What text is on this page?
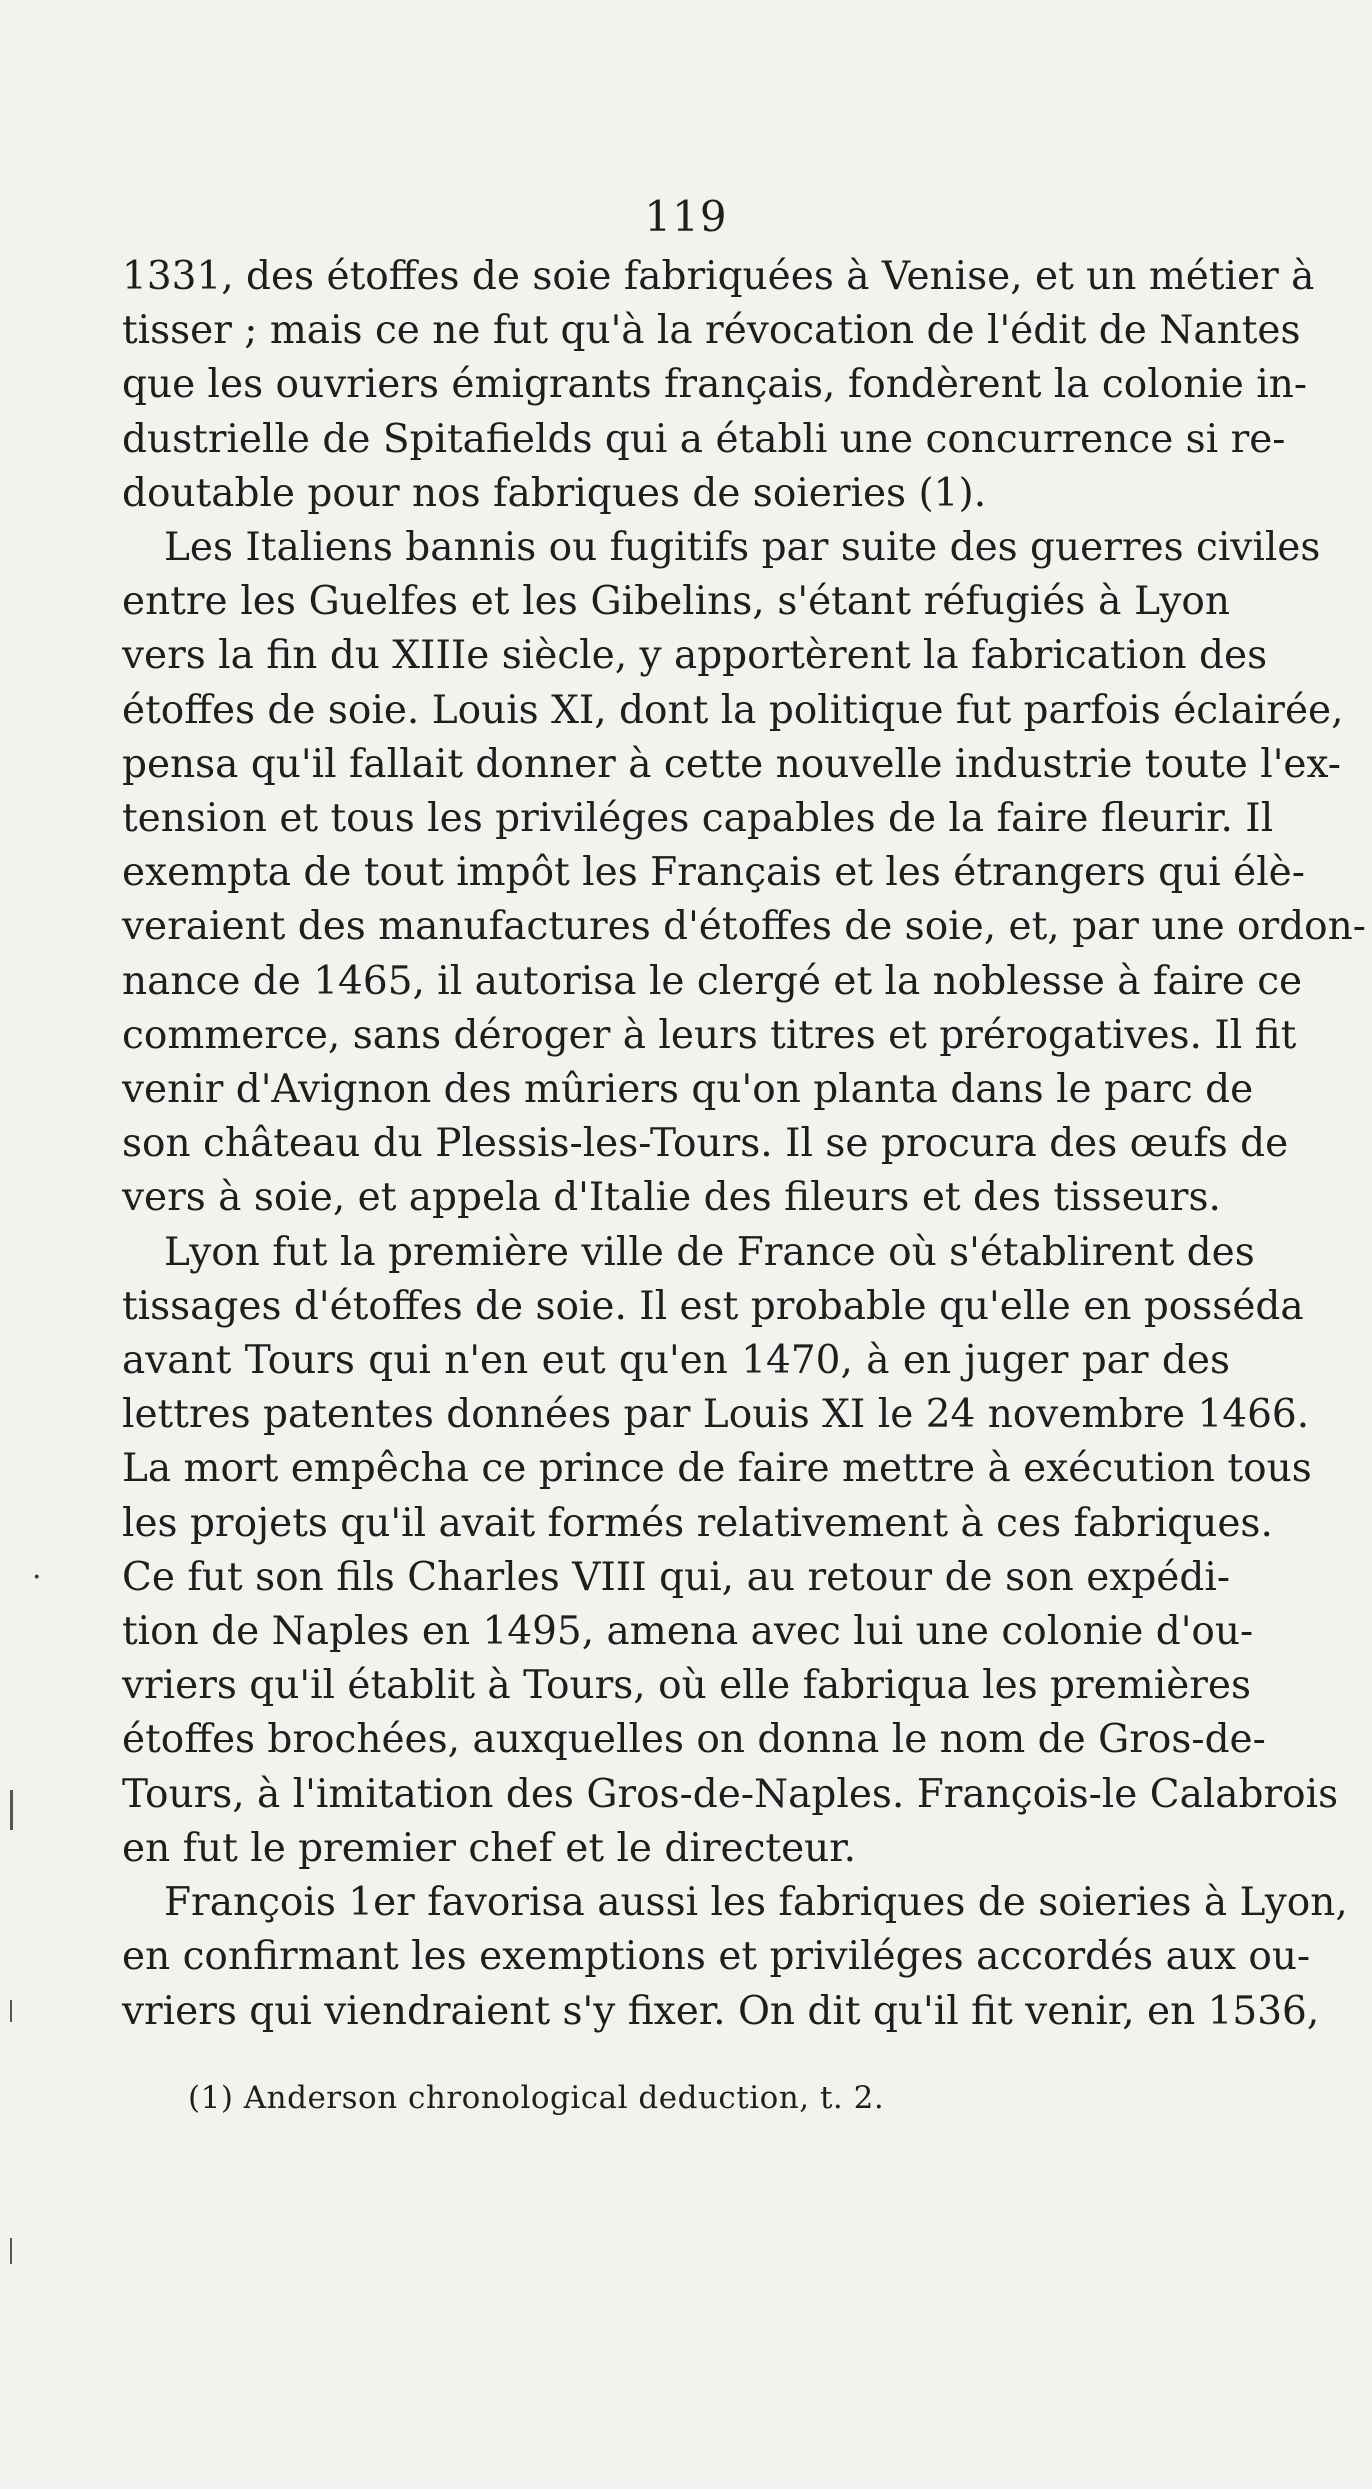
119

1331, des étoffes de soie fabriquées à Venise, et un métier à
tisser ; mais ce ne fut qu'à la révocation de l'édit de Nantes
que les ouvriers émigrants français, fondèrent la colonie in-
dustrielle de Spitafields qui a établi une concurrence si re-
doutable pour nos fabriques de soieries (1).

Les Italiens bannis ou fugitifs par suite des guerres civiles
entre les Guelfes et les Gibelins, s'étant réfugiés à Lyon
vers la fin du XIIIe siècle, y apportèrent la fabrication des
étoffes de soie. Louis XI, dont la politique fut parfois éclairée,
pensa qu'il fallait donner à cette nouvelle industrie toute l'ex-
tension et tous les priviléges capables de la faire fleurir. Il
exempta de tout impôt les Français et les étrangers qui élè-
veraient des manufactures d'étoffes de soie, et, par une ordon-
nance de 1465, il autorisa le clergé et la noblesse à faire ce
commerce, sans déroger à leurs titres et prérogatives. Il fit
venir d'Avignon des mûriers qu'on planta dans le parc de
son château du Plessis-les-Tours. Il se procura des œufs de
vers à soie, et appela d'Italie des fileurs et des tisseurs.

Lyon fut la première ville de France où s'établirent des
tissages d'étoffes de soie. Il est probable qu'elle en posséda
avant Tours qui n'en eut qu'en 1470, à en juger par des
lettres patentes données par Louis XI le 24 novembre 1466.
La mort empêcha ce prince de faire mettre à exécution tous
les projets qu'il avait formés relativement à ces fabriques.
Ce fut son fils Charles VIII qui, au retour de son expédi-
tion de Naples en 1495, amena avec lui une colonie d'ou-
vriers qu'il établit à Tours, où elle fabriqua les premières
étoffes brochées, auxquelles on donna le nom de Gros-de-
Tours, à l'imitation des Gros-de-Naples. François-le Calabrois
en fut le premier chef et le directeur.

François 1er favorisa aussi les fabriques de soieries à Lyon,
en confirmant les exemptions et priviléges accordés aux ou-
vriers qui viendraient s'y fixer. On dit qu'il fit venir, en 1536,

(1) Anderson chronological deduction, t. 2.
·
